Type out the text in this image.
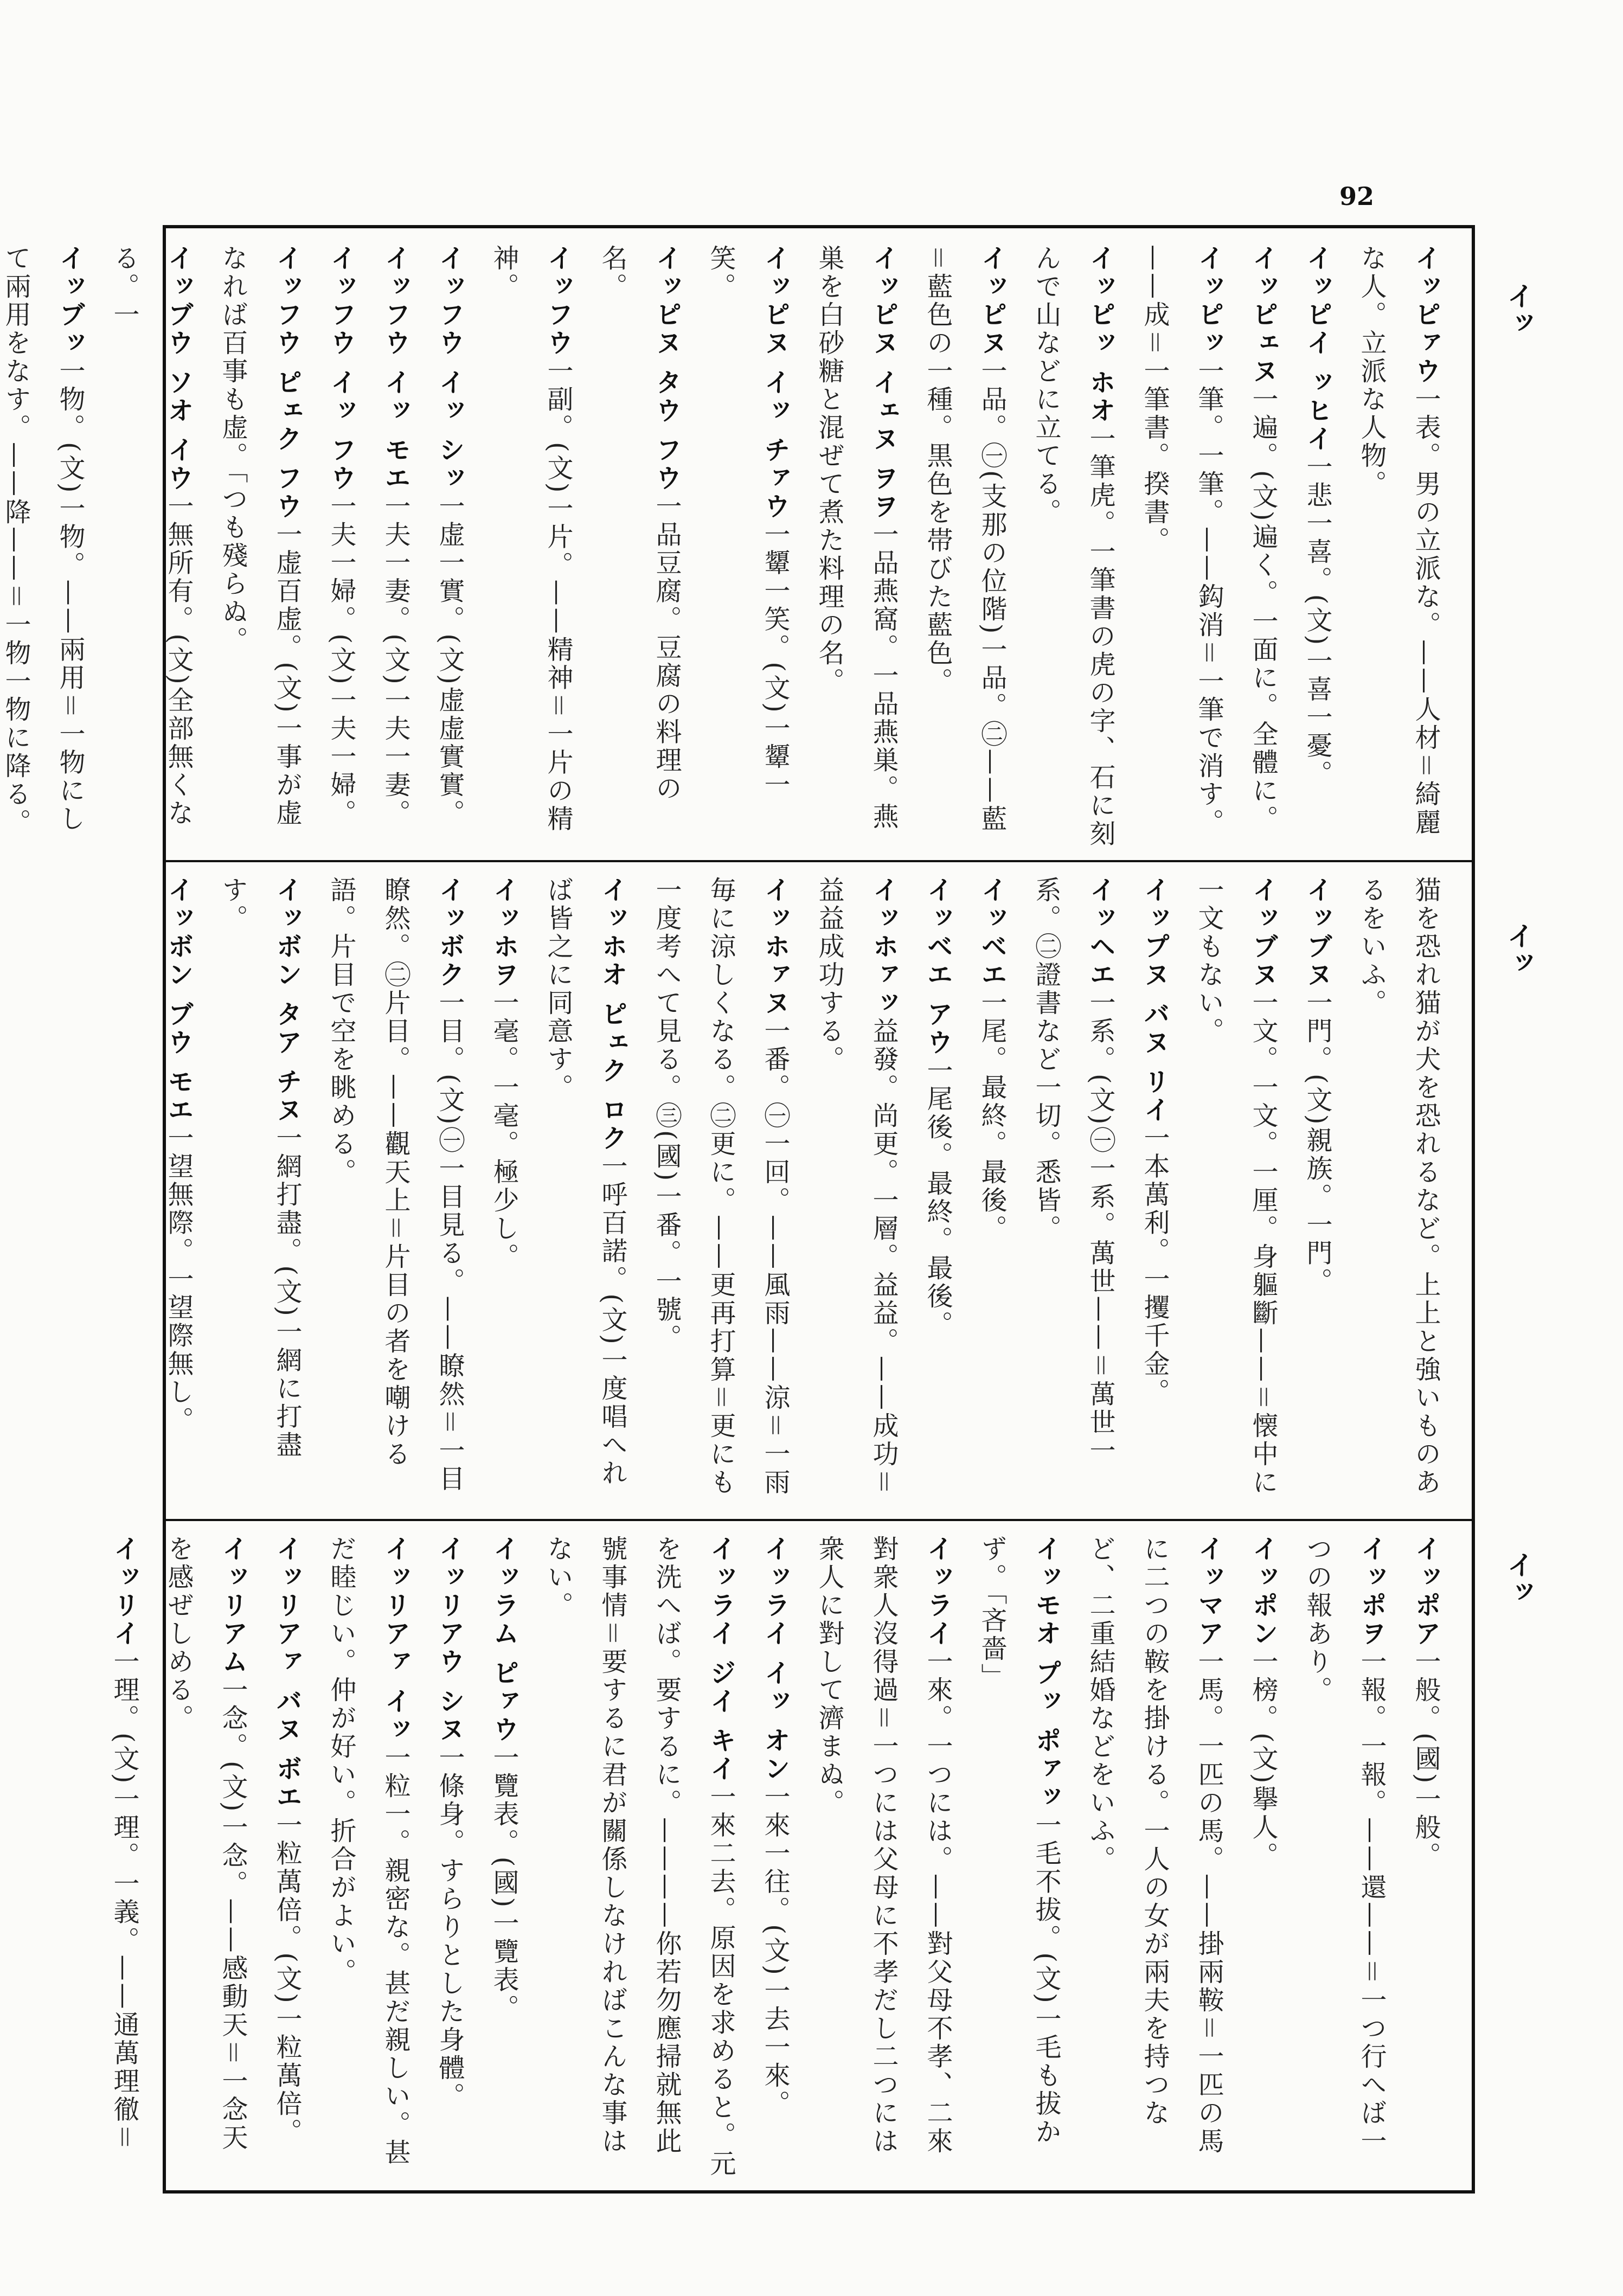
92
イッ
イッ
イッ

イッピァウ一表。男の立派な。——人材＝綺麗な人。立派な人物。

イッピイ ッヒイ一悲一喜。(文)一喜一憂。

イッピェヌ一遍。(文)遍く。一面に。全體に。

イッピッ一筆。一筆。——鈎消＝一筆で消す。——成＝一筆書。揆書。

イッピッ ホオ一筆虎。一筆書の虎の字、石に刻んで山などに立てる。

イッピヌ一品。㊀(支那の位階)一品。㊁——藍＝藍色の一種。黒色を帯びた藍色。

イッピヌ イェヌ ヲヲ一品燕窩。一品燕巣。燕巣を白砂糖と混ぜて煮た料理の名。

イッピヌ イッ チァウ一顰一笑。(文)一顰一笑。

イッピヌ タウ フウ一品豆腐。豆腐の料理の名。

イッフウ一副。(文)一片。——精神＝一片の精神。

イッフウ イッ シッ一虚一實。(文)虚虚實實。

イッフウ イッ モエ一夫一妻。(文)一夫一妻。

イッフウ イッ フウ一夫一婦。(文)一夫一婦。

イッフウ ピェク フウ一虚百虚。(文)一事が虚なれば百事も虚。「つも殘らぬ。

イッブウ ソオ イウ一無所有。(文)全部無くなる。一

イッブッ一物。(文)一物。——兩用＝一物にして兩用をなす。——降——＝一物一物に降る。

猫を恐れ猫が犬を恐れるなど。上上と強いものあるをいふ。

イッブヌ一門。(文)親族。一門。

イッブヌ一文。一文。一厘。身軀斷——＝懐中に一文もない。

イップヌ バヌ リイ一本萬利。一攫千金。

イッヘエ一系。(文)㊀一系。萬世——＝萬世一系。㊁證書など一切。悉皆。

イッベエ一尾。最終。最後。

イッベエ アウ一尾後。最終。最後。

イッホァッ益發。尚更。一層。益益。——成功＝益益成功する。

イッホァヌ一番。㊀一回。——風雨——涼＝一雨毎に涼しくなる。㊁更に。——更再打算＝更にも一度考へて見る。㊂(國)一番。一號。

イッホオ ピェク ロク一呼百諾。(文)一度唱へれば皆之に同意す。

イッホヲ一毫。一毫。極少し。

イッボク一目。(文)㊀一目見る。——瞭然＝一目瞭然。㊁片目。——觀天上＝片目の者を嘲ける語。片目で空を眺める。

イッボン タア チヌ一網打盡。(文)一網に打盡す。

イッボン ブウ モエ一望無際。一望際無し。

イッポア一般。(國)一般。

イッポヲ一報。一報。——還——＝一つ行へば一つの報あり。

イッポン一榜。(文)擧人。

イッマア一馬。一匹の馬。——掛兩鞍＝一匹の馬に二つの鞍を掛ける。一人の女が兩夫を持つなど、二重結婚などをいふ。

イッモオ プッ ポァッ一毛不拔。(文)一毛も拔かず。「吝嗇」

イッライ一來。一つには。——對父母不孝、二來對衆人沒得過＝一つには父母に不孝だし二つには衆人に對して濟まぬ。

イッライ イッ オン一來一往。(文)一去一來。

イッライ ジイ キイ一來二去。原因を求めると。元を洗へば。要するに。————你若勿應掃就無此號事情＝要するに君が關係しなければこんな事はない。

イッラム ピァウ一覽表。(國)一覽表。

イッリアウ シヌ一條身。すらりとした身體。

イッリアァ イッ一粒一。親密な。甚だ親しい。甚だ睦じい。仲が好い。折合がよい。

イッリアァ バヌ ボエ一粒萬倍。(文)一粒萬倍。

イッリアム一念。(文)一念。——感動天＝一念天を感ぜしめる。

イッリイ一理。(文)一理。一義。——通萬理徹＝
